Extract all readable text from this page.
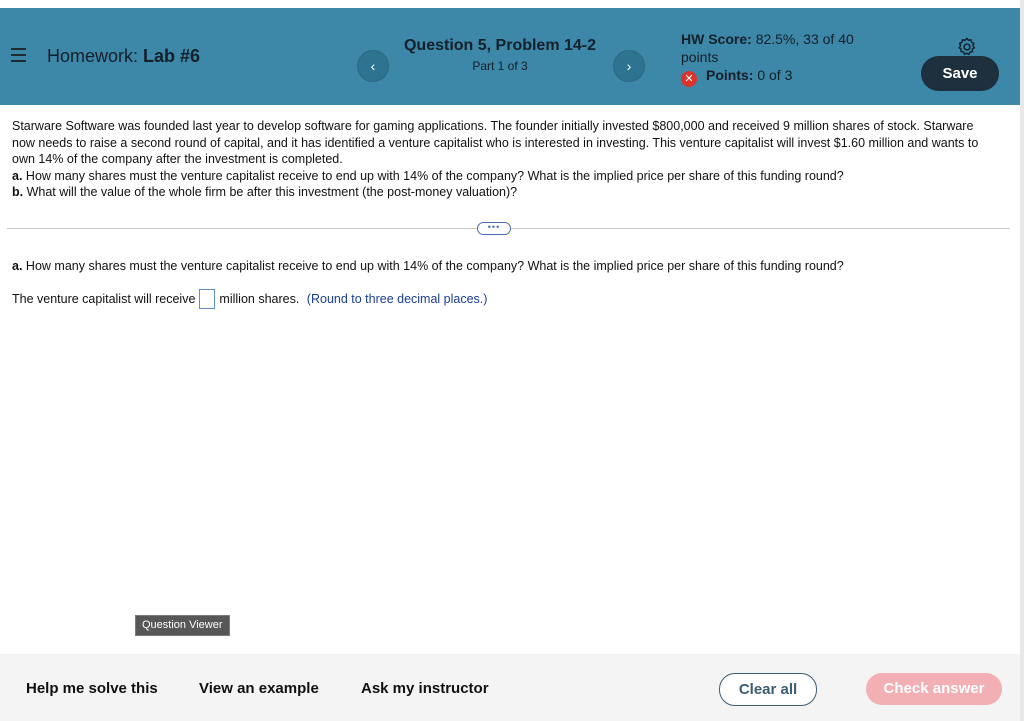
Homework: Lab #6	‹
Question 5, Problem 14-2
Part 1 of 3	›
HW Score: 82.5%, 33 of 40 points
✕ Points: 0 of 3	Save

Starware Software was founded last year to develop software for gaming applications. The founder initially invested $800,000 and received 9 million shares of stock. Starware now needs to raise a second round of capital, and it has identified a venture capitalist who is interested in investing. This venture capitalist will invest $1.60 million and wants to own 14% of the company after the investment is completed.

a. How many shares must the venture capitalist receive to end up with 14% of the company? What is the implied price per share of this funding round?

b. What will the value of the whole firm be after this investment (the post-money valuation)?

•••
a. How many shares must the venture capitalist receive to end up with 14% of the company? What is the implied price per share of this funding round?
The venture capitalist will receive million shares. (Round to three decimal places.)
Question Viewer
Help me solve this	View an example	Ask my instructor	Clear all	Check answer
